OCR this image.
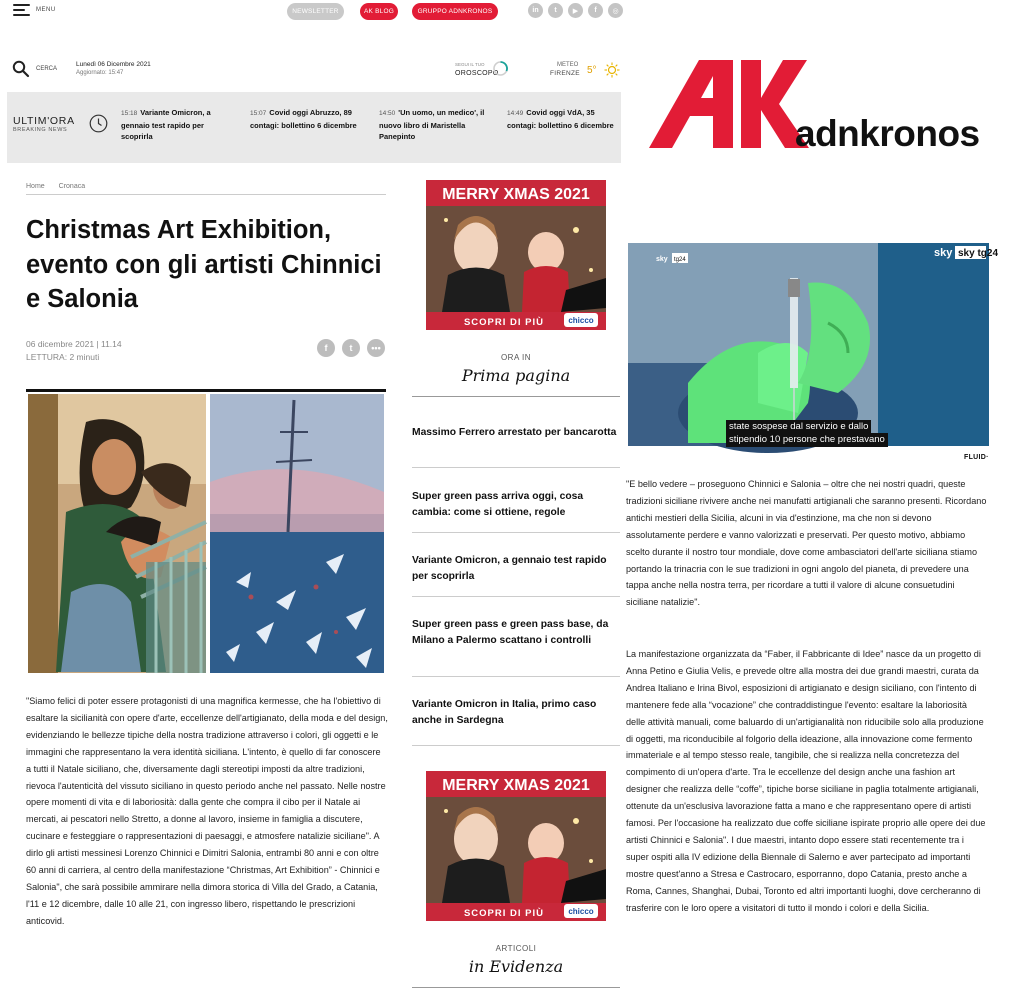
MENU	NEWSLETTER	AK BLOG	GRUPPO ADNKRONOS	in	t	▶	f	◎
CERCA
Lunedì 06 Dicembre 2021
Aggiornato: 15:47
SEGUI IL TUO
OROSCOPO
METEO
FIRENZE 5°
ULTIM'ORA
BREAKING NEWS
15:18 Variante Omicron, a gennaio test rapido per scoprirla
15:07 Covid oggi Abruzzo, 89 contagi: bollettino 6 dicembre
14:50 'Un uomo, un medico', il nuovo libro di Maristella Panepinto
14:49 Covid oggi VdA, 35 contagi: bollettino 6 dicembre	adnkronos
Home Cronaca
Christmas Art Exhibition, evento con gli artisti Chinnici e Salonia
06 dicembre 2021 | 11.14
LETTURA: 2 minuti
f	t	•••
"Siamo felici di poter essere protagonisti di una magnifica kermesse, che ha l'obiettivo di esaltare la sicilianità con opere d'arte, eccellenze dell'artigianato, della moda e del design, evidenziando le bellezze tipiche della nostra tradizione attraverso i colori, gli oggetti e le immagini che rappresentano la vera identità siciliana. L'intento, è quello di far conoscere a tutti il Natale siciliano, che, diversamente dagli stereotipi imposti da altre tradizioni, rievoca l'autenticità del vissuto siciliano in questo periodo anche nel passato. Nelle nostre opere momenti di vita e di laboriosità: dalla gente che compra il cibo per il Natale ai mercati, ai pescatori nello Stretto, a donne al lavoro, insieme in famiglia a discutere, cucinare e festeggiare o rappresentazioni di paesaggi, e atmosfere natalizie siciliane". A dirlo gli artisti messinesi Lorenzo Chinnici e Dimitri Salonia, entrambi 80 anni e con oltre 60 anni di carriera, al centro della manifestazione “Christmas, Art Exhibition” - Chinnici e Salonia", che sarà possibile ammirare nella dimora storica di Villa del Grado, a Catania, l'11 e 12 dicembre, dalle 10 alle 21, con ingresso libero, rispettando le prescrizioni anticovid.
MERRY XMAS 2021
SCOPRI DI PIÙ	chicco
ORA IN
Prima pagina
Massimo Ferrero arrestato per bancarotta
Super green pass arriva oggi, cosa cambia: come si ottiene, regole
Variante Omicron, a gennaio test rapido per scoprirla
Super green pass e green pass base, da Milano a Palermo scattano i controlli
Variante Omicron in Italia, primo caso anche in Sardegna
MERRY XMAS 2021
SCOPRI DI PIÙ	chicco
ARTICOLI
in Evidenza
sky tg24
sky sky tg24
state sospese dal servizio e dallo
stipendio 10 persone che prestavano
FLUID·
"E bello vedere – proseguono Chinnici e Salonia – oltre che nei nostri quadri, queste tradizioni siciliane rivivere anche nei manufatti artigianali che saranno presenti. Ricordano antichi mestieri della Sicilia, alcuni in via d'estinzione, ma che non si devono assolutamente perdere e vanno valorizzati e preservati. Per questo motivo, abbiamo scelto durante il nostro tour mondiale, dove come ambasciatori dell'arte siciliana stiamo portando la trinacria con le sue tradizioni in ogni angolo del pianeta, di prevedere una tappa anche nella nostra terra, per ricordare a tutti il valore di alcune consuetudini siciliane natalizie".
La manifestazione organizzata da “Faber, il Fabbricante di Idee” nasce da un progetto di Anna Petino e Giulia Velis, e prevede oltre alla mostra dei due grandi maestri, curata da Andrea Italiano e Irina Bivol, esposizioni di artigianato e design siciliano, con l'intento di mantenere fede alla “vocazione” che contraddistingue l'evento: esaltare la laboriosità delle attività manuali, come baluardo di un'artigianalità non riducibile solo alla produzione di oggetti, ma riconducibile al folgorio della ideazione, alla innovazione come fermento immateriale e al tempo stesso reale, tangibile, che si realizza nella concretezza del compimento di un'opera d'arte. Tra le eccellenze del design anche una fashion art designer che realizza delle “coffe”, tipiche borse siciliane in paglia totalmente artigianali, ottenute da un'esclusiva lavorazione fatta a mano e che rappresentano opere di artisti famosi. Per l'occasione ha realizzato due coffe siciliane ispirate proprio alle opere dei due artisti Chinnici e Salonia". I due maestri, intanto dopo essere stati recentemente tra i super ospiti alla IV edizione della Biennale di Salerno e aver partecipato ad importanti mostre quest'anno a Stresa e Castrocaro, esporranno, dopo Catania, presto anche a Roma, Cannes, Shanghai, Dubai, Toronto ed altri importanti luoghi, dove cercheranno di trasferire con le loro opere a visitatori di tutto il mondo i colori e della Sicilia.
